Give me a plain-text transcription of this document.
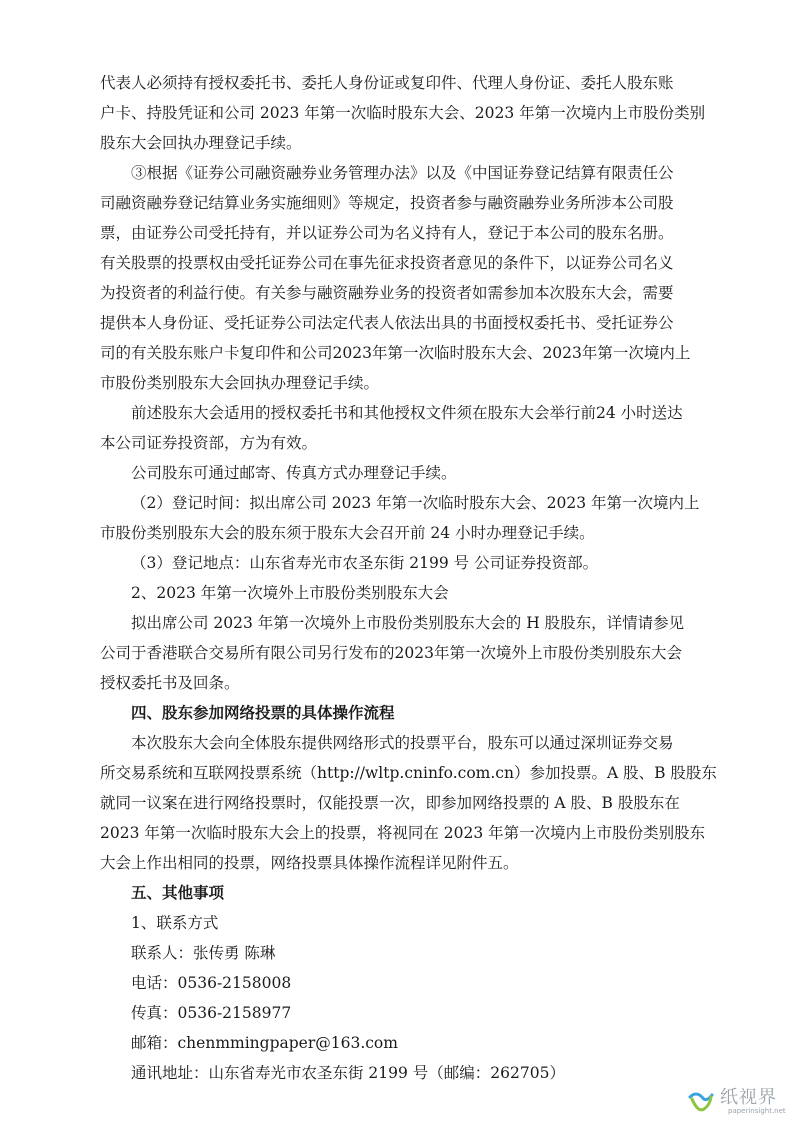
代表人必须持有授权委托书、委托人身份证或复印件、代理人身份证、委托人股东账
户卡、持股凭证和公司 2023 年第一次临时股东大会、2023 年第一次境内上市股份类别
股东大会回执办理登记手续。
③根据《证券公司融资融券业务管理办法》以及《中国证券登记结算有限责任公
司融资融券登记结算业务实施细则》等规定，投资者参与融资融券业务所涉本公司股
票，由证券公司受托持有，并以证券公司为名义持有人，登记于本公司的股东名册。
有关股票的投票权由受托证券公司在事先征求投资者意见的条件下，以证券公司名义
为投资者的利益行使。有关参与融资融券业务的投资者如需参加本次股东大会，需要
提供本人身份证、受托证券公司法定代表人依法出具的书面授权委托书、受托证券公
司的有关股东账户卡复印件和公司2023年第一次临时股东大会、2023年第一次境内上
市股份类别股东大会回执办理登记手续。
前述股东大会适用的授权委托书和其他授权文件须在股东大会举行前24 小时送达
本公司证券投资部，方为有效。
公司股东可通过邮寄、传真方式办理登记手续。
（2）登记时间：拟出席公司 2023 年第一次临时股东大会、2023 年第一次境内上
市股份类别股东大会的股东须于股东大会召开前 24 小时办理登记手续。
（3）登记地点：山东省寿光市农圣东街 2199 号 公司证券投资部。
2、2023 年第一次境外上市股份类别股东大会
拟出席公司 2023 年第一次境外上市股份类别股东大会的 H 股股东，详情请参见
公司于香港联合交易所有限公司另行发布的2023年第一次境外上市股份类别股东大会
授权委托书及回条。
四、股东参加网络投票的具体操作流程
本次股东大会向全体股东提供网络形式的投票平台，股东可以通过深圳证券交易
所交易系统和互联网投票系统（http://wltp.cninfo.com.cn）参加投票。A 股、B 股股东
就同一议案在进行网络投票时，仅能投票一次，即参加网络投票的 A 股、B 股股东在
2023 年第一次临时股东大会上的投票，将视同在 2023 年第一次境内上市股份类别股东
大会上作出相同的投票，网络投票具体操作流程详见附件五。
五、其他事项
1、联系方式
联系人：张传勇 陈琳
电话：0536-2158008
传真：0536-2158977
邮箱：chenmmingpaper@163.com
通讯地址：山东省寿光市农圣东街 2199 号（邮编：262705）
纸视界
paperinsight.net
